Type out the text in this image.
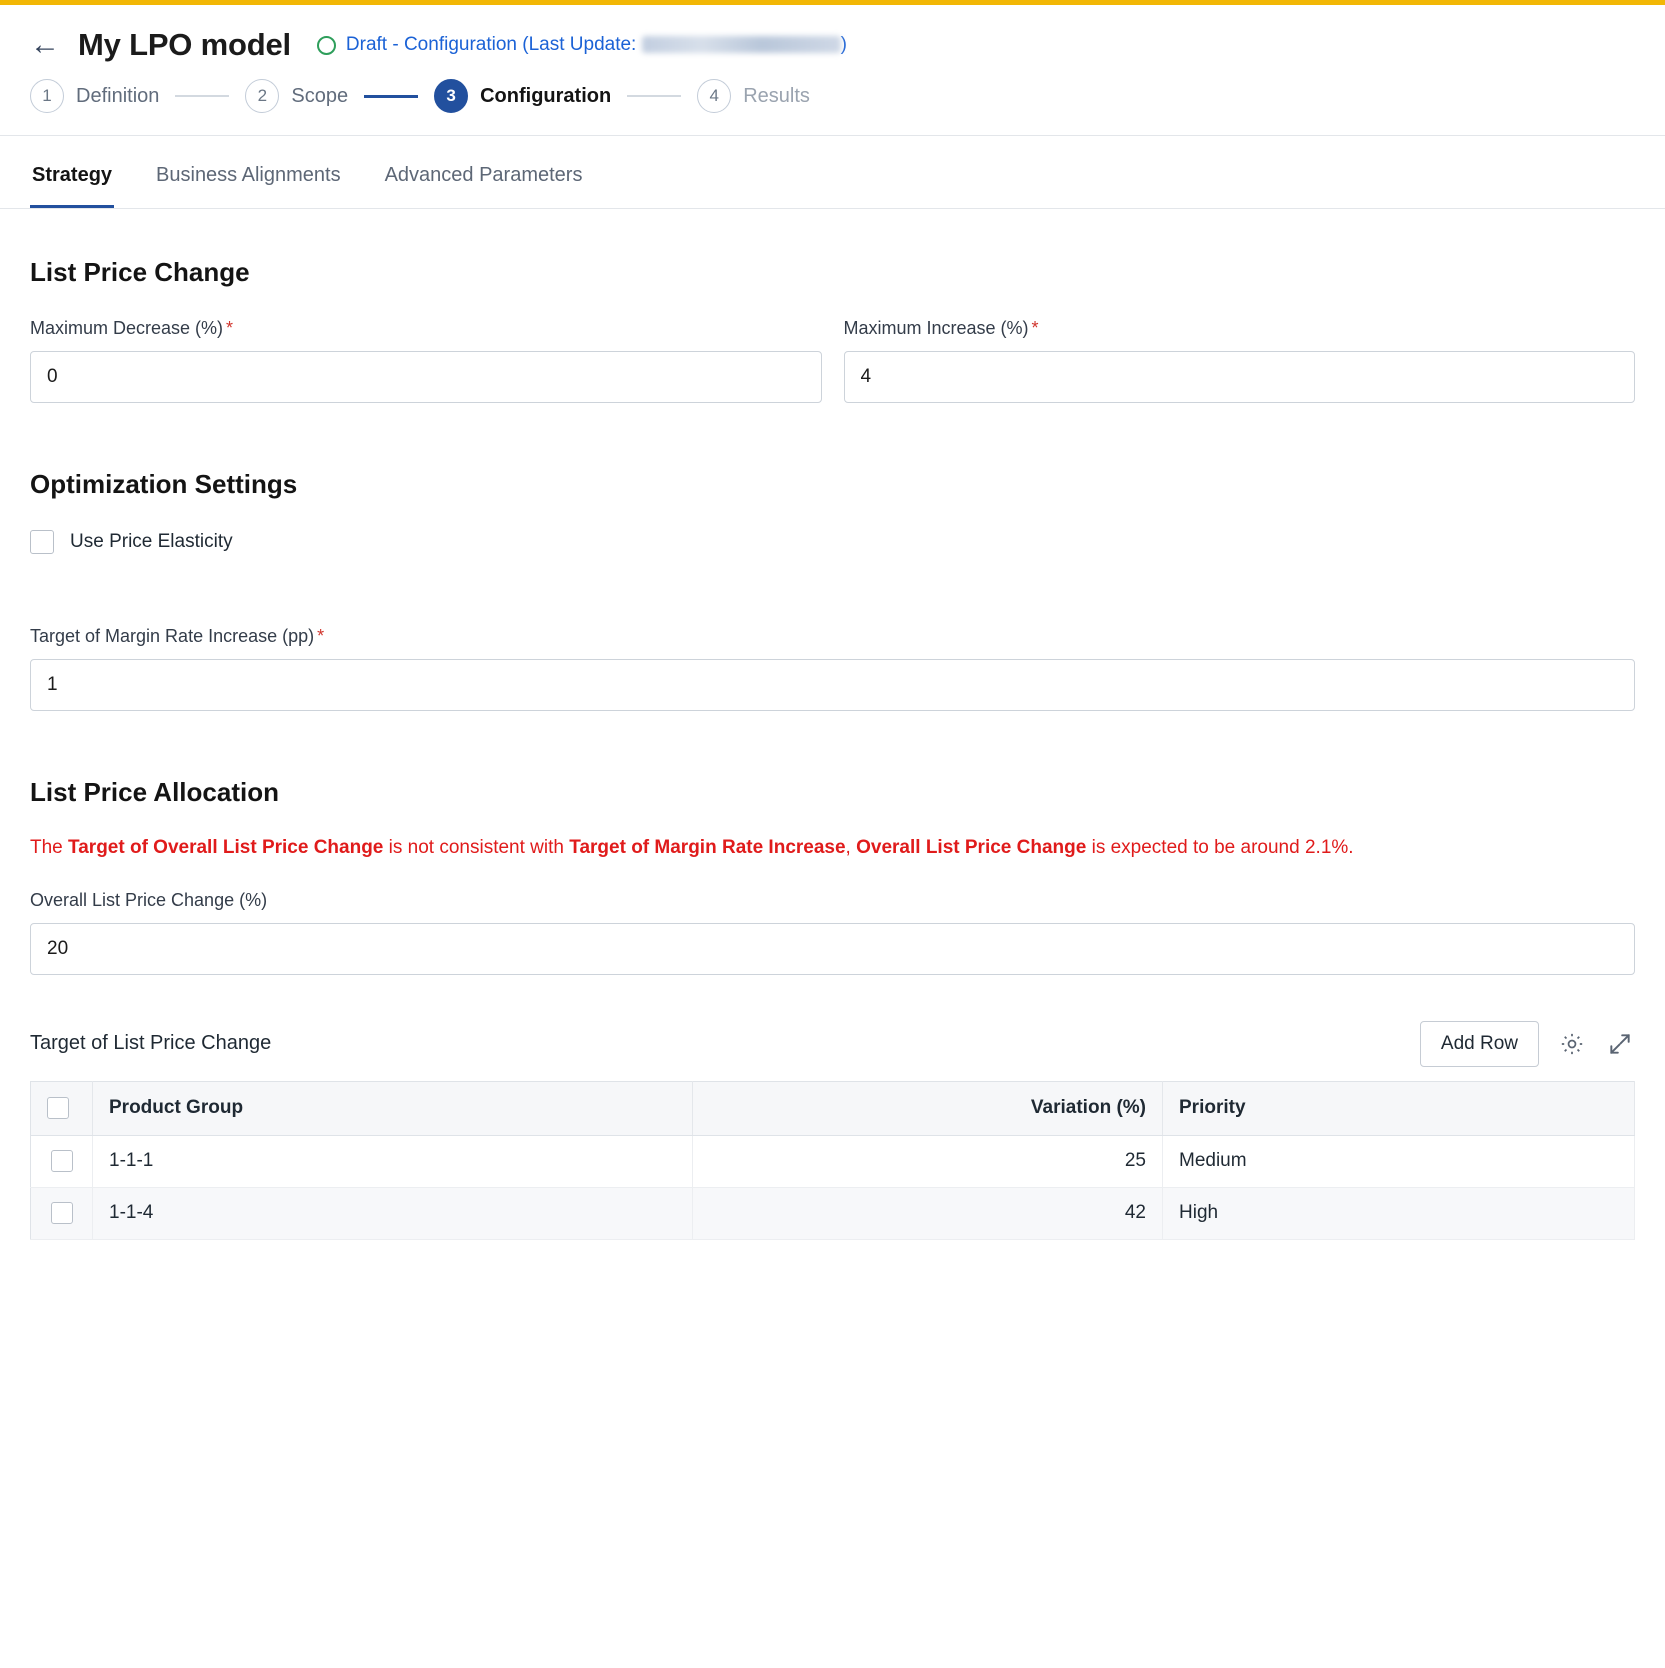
← My LPO model	Draft - Configuration (Last Update:	)
1	Definition	2	Scope	3	Configuration	4	Results
Strategy Business Alignments Advanced Parameters
List Price Change
Maximum Decrease (%) *
0	Maximum Increase (%) *
4
Optimization Settings
Use Price Elasticity
Target of Margin Rate Increase (pp) *
1
List Price Allocation
The Target of Overall List Price Change is not consistent with Target of Margin Rate Increase, Overall List Price Change is expected to be around 2.1%.
Overall List Price Change (%)
20
Target of List Price Change	Add Row
	Product Group	Variation (%)	Priority
	1-1-1	25	Medium
	1-1-4	42	High
